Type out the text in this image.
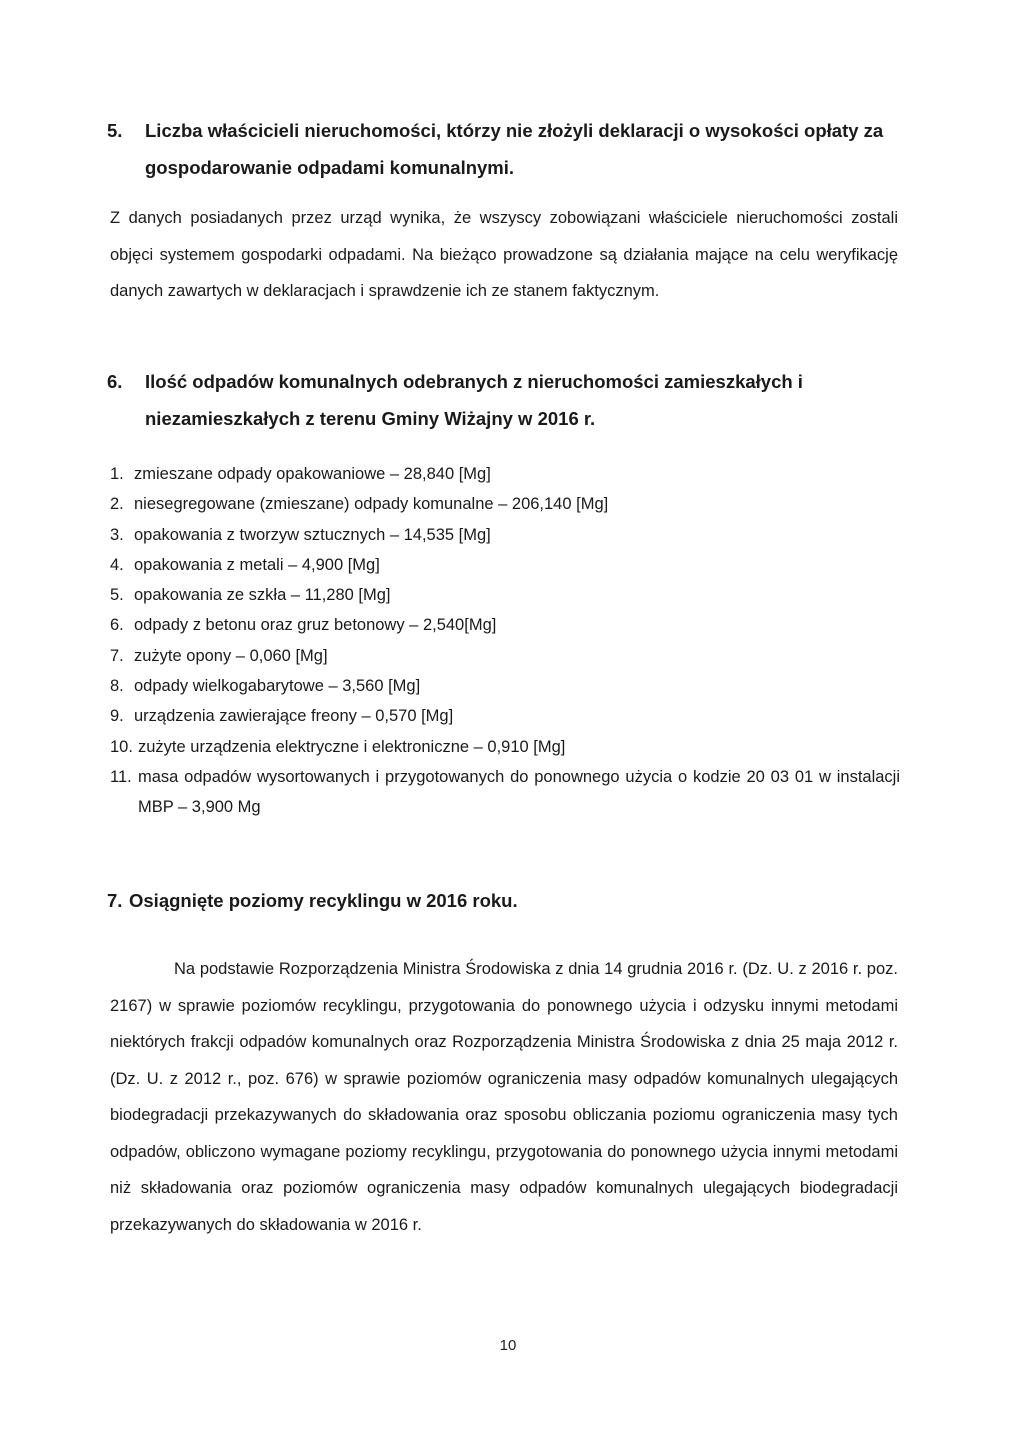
5.	Liczba właścicieli nieruchomości, którzy nie złożyli deklaracji o wysokości opłaty za gospodarowanie odpadami komunalnymi.

Z danych posiadanych przez urząd wynika, że wszyscy zobowiązani właściciele nieruchomości zostali objęci systemem gospodarki odpadami. Na bieżąco prowadzone są działania mające na celu weryfikację danych zawartych w deklaracjach i sprawdzenie ich ze stanem faktycznym.

6.	Ilość odpadów komunalnych odebranych z nieruchomości zamieszkałych i niezamieszkałych z terenu Gminy Wiżajny w 2016 r.
1. zmieszane odpady opakowaniowe – 28,840 [Mg]
2. niesegregowane (zmieszane) odpady komunalne – 206,140 [Mg]
3. opakowania z tworzyw sztucznych – 14,535 [Mg]
4. opakowania z metali – 4,900 [Mg]
5. opakowania ze szkła – 11,280 [Mg]
6. odpady z betonu oraz gruz betonowy – 2,540[Mg]
7. zużyte opony – 0,060 [Mg]
8. odpady wielkogabarytowe – 3,560 [Mg]
9. urządzenia zawierające freony – 0,570 [Mg]
10. zużyte urządzenia elektryczne i elektroniczne – 0,910 [Mg]
11. masa odpadów wysortowanych i przygotowanych do ponownego użycia o kodzie 20 03 01 w instalacji MBP – 3,900 Mg
7. Osiągnięte poziomy recyklingu w 2016 roku.

Na podstawie Rozporządzenia Ministra Środowiska z dnia 14 grudnia 2016 r. (Dz. U. z 2016 r. poz. 2167) w sprawie poziomów recyklingu, przygotowania do ponownego użycia i odzysku innymi metodami niektórych frakcji odpadów komunalnych oraz Rozporządzenia Ministra Środowiska z dnia 25 maja 2012 r. (Dz. U. z 2012 r., poz. 676) w sprawie poziomów ograniczenia masy odpadów komunalnych ulegających biodegradacji przekazywanych do składowania oraz sposobu obliczania poziomu ograniczenia masy tych odpadów, obliczono wymagane poziomy recyklingu, przygotowania do ponownego użycia innymi metodami niż składowania oraz poziomów ograniczenia masy odpadów komunalnych ulegających biodegradacji przekazywanych do składowania w 2016 r.

10
